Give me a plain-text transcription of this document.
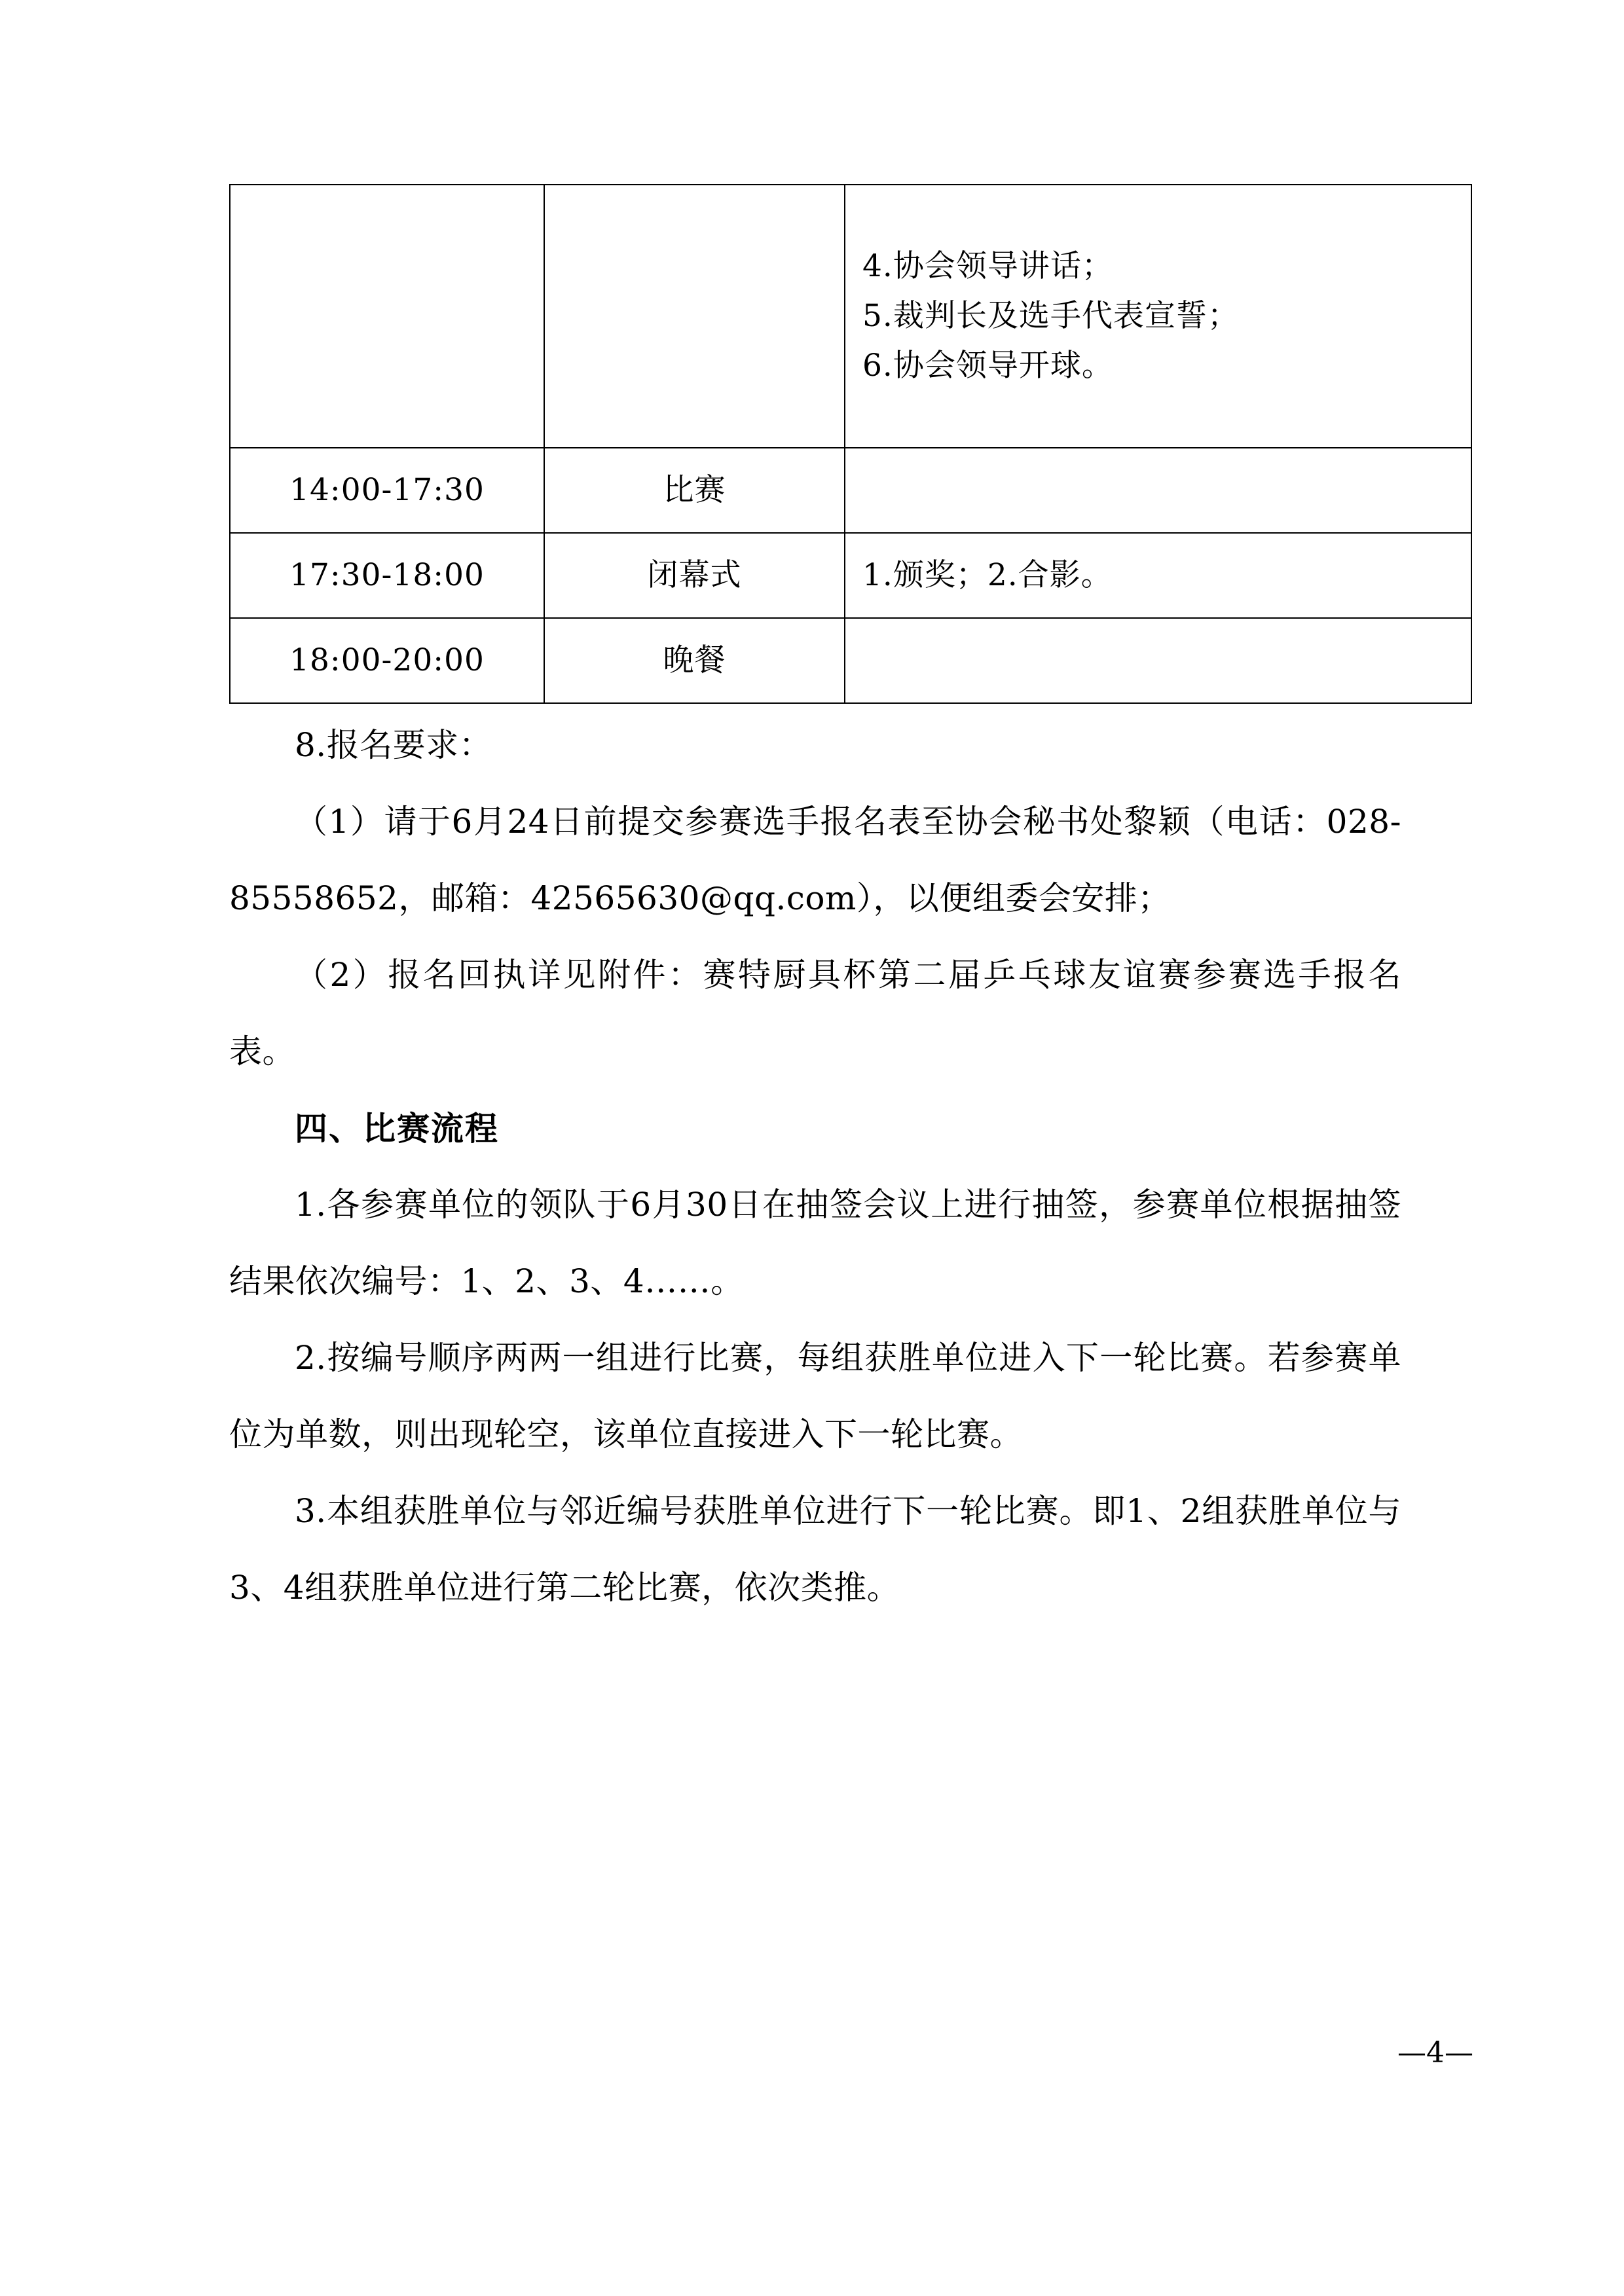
		4.协会领导讲话；
5.裁判长及选手代表宣誓；
6.协会领导开球。

14:00-17:30	比赛	
17:30-18:00	闭幕式	1.颁奖；2.合影。

18:00-20:00	晚餐	

8.报名要求：

（1）请于6月24日前提交参赛选手报名表至协会秘书处黎颖（电话：028-85558652，邮箱：42565630@qq.com），以便组委会安排；

（2）报名回执详见附件：赛特厨具杯第二届乒乓球友谊赛参赛选手报名表。

四、比赛流程

1.各参赛单位的领队于6月30日在抽签会议上进行抽签，参赛单位根据抽签结果依次编号：1、2、3、4……。

2.按编号顺序两两一组进行比赛，每组获胜单位进入下一轮比赛。若参赛单位为单数，则出现轮空，该单位直接进入下一轮比赛。

3.本组获胜单位与邻近编号获胜单位进行下一轮比赛。即1、2组获胜单位与3、4组获胜单位进行第二轮比赛，依次类推。

—4—
